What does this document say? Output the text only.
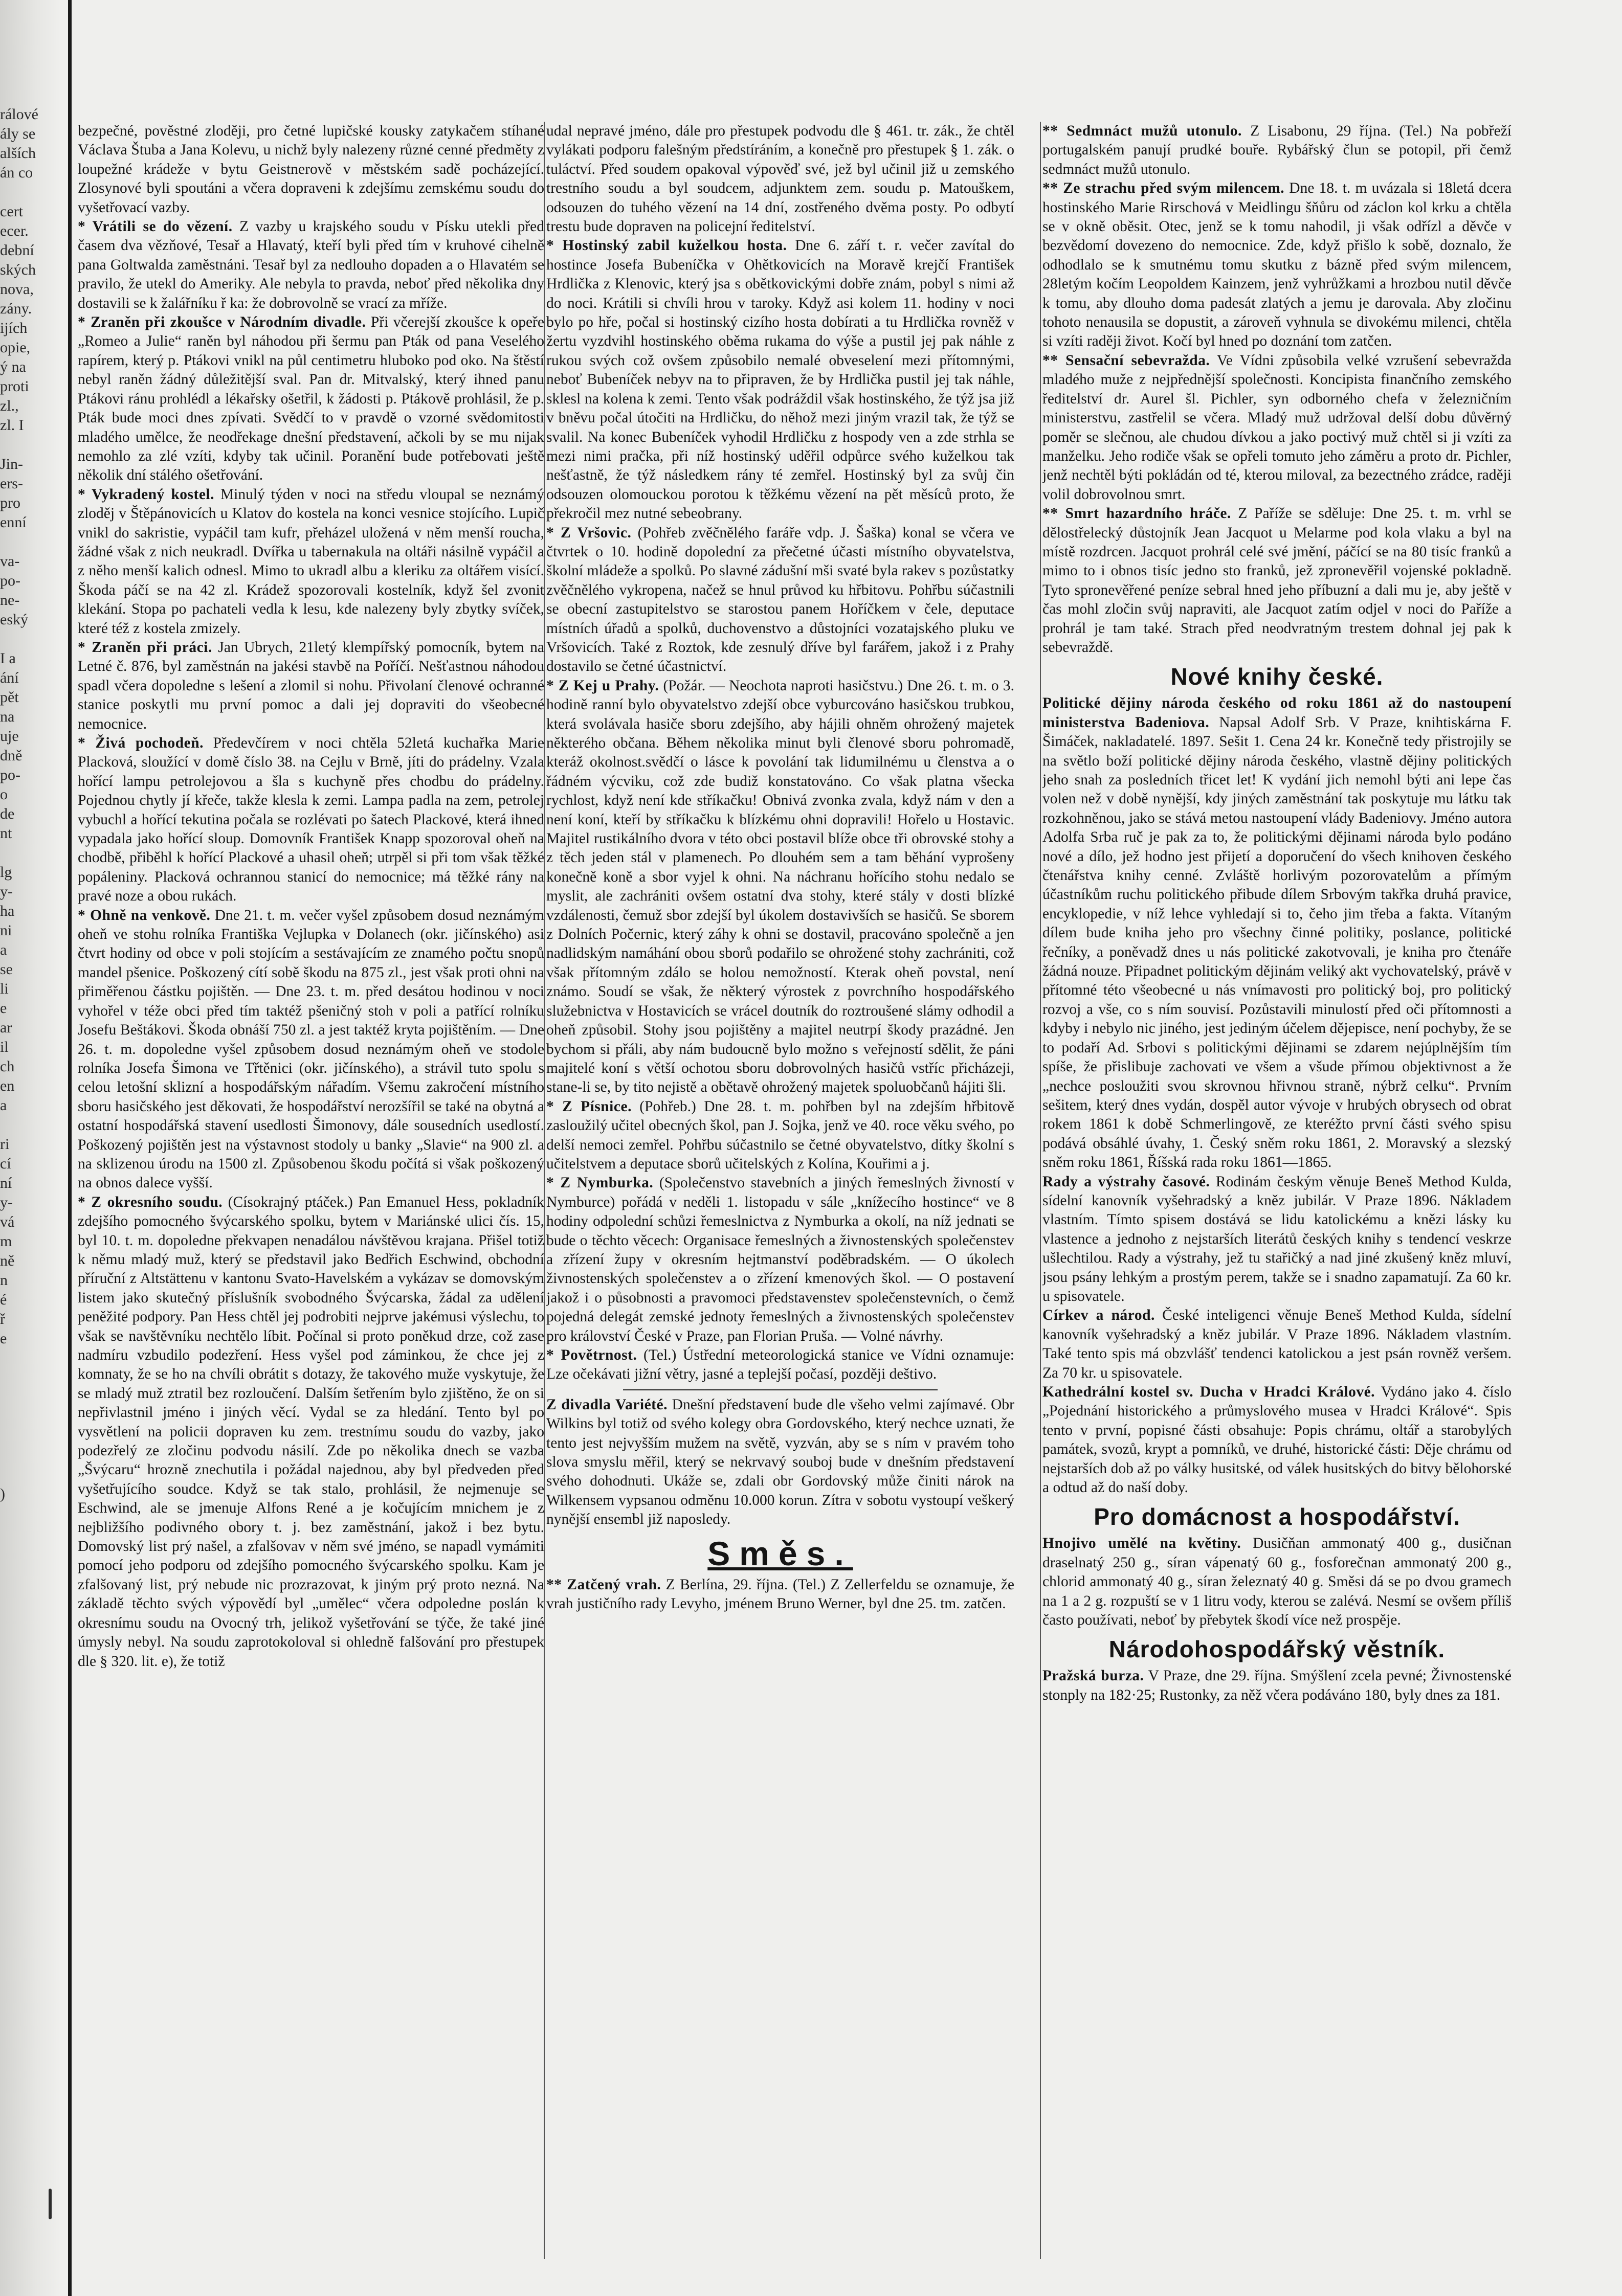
rálové
ály se
alších
án co
cert
ecer.
dební
ských
nova,
zány.
ijích
opie,
ý na
proti
zl.,
zl. I
Jin-
ers-
pro
enní
va-
po-
ne-
eský
I a
ání
pět
na
uje
dně
po-
o
de
nt
lg
y-
ha
ni
a
se
li
e
ar
il
ch
en
a
ri
cí
ní
y-
vá
m
ně
n
é
ř
e
)

bezpečné, pověstné zloději, pro četné lupičské kousky zatykačem stíhané Václava Štuba a Jana Kolevu, u nichž byly nalezeny různé cenné předměty z loupežné krádeže v bytu Geistnerově v městském sadě pocházející. Zlosynové byli spoutáni a včera dopraveni k zdejšímu zemskému soudu do vyšetřovací vazby.

* Vrátili se do vězení. Z vazby u krajského soudu v Písku utekli před časem dva vězňové, Tesař a Hlavatý, kteří byli před tím v kruhové cihelně pana Goltwalda zaměstnáni. Tesař byl za nedlouho dopaden a o Hlavatém se pravilo, že utekl do Ameriky. Ale nebyla to pravda, neboť před několika dny dostavili se k žalářníku ř ka: že dobrovolně se vrací za mříže.

* Zraněn při zkoušce v Národním divadle. Při včerejší zkoušce k opeře „Romeo a Julie“ raněn byl náhodou při šermu pan Pták od pana Veselého rapírem, který p. Ptákovi vnikl na půl centimetru hluboko pod oko. Na štěstí nebyl raněn žádný důležitější sval. Pan dr. Mitvalský, který ihned panu Ptákovi ránu prohlédl a lékařsky ošetřil, k žádosti p. Ptákově prohlásil, že p. Pták bude moci dnes zpívati. Svědčí to v pravdě o vzorné svědomitosti mladého umělce, že neodřekage dnešní představení, ačkoli by se mu nijak nemohlo za zlé vzíti, kdyby tak učinil. Poranění bude potřebovati ještě několik dní stálého ošetřování.

* Vykradený kostel. Minulý týden v noci na středu vloupal se neznámý zloděj v Štěpánovicích u Klatov do kostela na konci vesnice stojícího. Lupič vnikl do sakristie, vypáčil tam kufr, přeházel uložená v něm menší roucha, žádné však z nich neukradl. Dvířka u tabernakula na oltáři násilně vypáčil a z něho menší kalich odnesl. Mimo to ukradl albu a kleriku za oltářem visící. Škoda páčí se na 42 zl. Krádež spozorovali kostelník, když šel zvonit klekání. Stopa po pachateli vedla k lesu, kde nalezeny byly zbytky svíček, které též z kostela zmizely.

* Zraněn při práci. Jan Ubrych, 21letý klempířský pomocník, bytem na Letné č. 876, byl zaměstnán na jakési stavbě na Poříčí. Nešťastnou náhodou spadl včera dopoledne s lešení a zlomil si nohu. Přivolaní členové ochranné stanice poskytli mu první pomoc a dali jej dopraviti do všeobecné nemocnice.

* Živá pochodeň. Předevčírem v noci chtěla 52letá kuchařka Marie Placková, sloužící v domě číslo 38. na Cejlu v Brně, jíti do prádelny. Vzala hořící lampu petrolejovou a šla s kuchyně přes chodbu do prádelny. Pojednou chytly jí křeče, takže klesla k zemi. Lampa padla na zem, petrolej vybuchl a hořící tekutina počala se rozlévati po šatech Plackové, která ihned vypadala jako hořící sloup. Domovník František Knapp spozoroval oheň na chodbě, přiběhl k hořící Plackové a uhasil oheň; utrpěl si při tom však těžké popáleniny. Placková ochrannou stanicí do nemocnice; má těžké rány na pravé noze a obou rukách.

* Ohně na venkově. Dne 21. t. m. večer vyšel způsobem dosud neznámým oheň ve stohu rolníka Františka Vejlupka v Dolanech (okr. jičínského) asi čtvrt hodiny od obce v poli stojícím a sestávajícím ze znamého počtu snopů mandel pšenice. Poškozený cítí sobě škodu na 875 zl., jest však proti ohni na přiměřenou částku pojištěn. — Dne 23. t. m. před desátou hodinou v noci vyhořel v téže obci před tím taktéž pšeničný stoh v poli a patřící rolníku Josefu Beštákovi. Škoda obnáší 750 zl. a jest taktéž kryta pojištěním. — Dne 26. t. m. dopoledne vyšel způsobem dosud neznámým oheň ve stodole rolníka Josefa Šimona ve Třtěnici (okr. jičínského), a strávil tuto spolu s celou letošní sklizní a hospodářským nářadím. Všemu zakročení místního sboru hasičského jest děkovati, že hospodářství nerozšířil se také na obytná a ostatní hospodářská stavení usedlosti Šimonovy, dále sousedních usedlostí. Poškozený pojištěn jest na výstavnost stodoly u banky „Slavie“ na 900 zl. a na sklizenou úrodu na 1500 zl. Způsobenou škodu počítá si však poškozený na obnos dalece vyšší.

* Z okresního soudu. (Císokrajný ptáček.) Pan Emanuel Hess, pokladník zdejšího pomocného švýcarského spolku, bytem v Mariánské ulici čís. 15, byl 10. t. m. dopoledne překvapen nenadálou návštěvou krajana. Přišel totiž k němu mladý muž, který se představil jako Bedřich Eschwind, obchodní příruční z Altstättenu v kantonu Svato-Havelském a vykázav se domovským listem jako skutečný příslušník svobodného Švýcarska, žádal za udělení peněžité podpory. Pan Hess chtěl jej podrobiti nejprve jakémusi výslechu, to však se navštěvníku nechtělo líbit. Počínal si proto poněkud drze, což zase nadmíru vzbudilo podezření. Hess vyšel pod záminkou, že chce jej z komnaty, že se ho na chvíli obrátit s dotazy, že takového muže vyskytuje, že se mladý muž ztratil bez rozloučení. Dalším šetřením bylo zjištěno, že on si nepřivlastnil jméno i jiných věcí. Vydal se za hledání. Tento byl po vysvětlení na policii dopraven ku zem. trestnímu soudu do vazby, jako podezřelý ze zločinu podvodu násilí. Zde po několika dnech se vazba „Švýcaru“ hrozně znechutila i požádal najednou, aby byl předveden před vyšetřujícího soudce. Když se tak stalo, prohlásil, že nejmenuje se Eschwind, ale se jmenuje Alfons René a je kočujícím mnichem je z nejbližšího podivného obory t. j. bez zaměstnání, jakož i bez bytu. Domovský list prý našel, a zfalšovav v něm své jméno, se napadl vymámiti pomocí jeho podporu od zdejšího pomocného švýcarského spolku. Kam je zfalšovaný list, prý nebude nic prozrazovat, k jiným prý proto nezná. Na základě těchto svých výpovědí byl „umělec“ včera odpoledne poslán k okresnímu soudu na Ovocný trh, jelikož vyšetřování se týče, že také jiné úmysly nebyl. Na soudu zaprotokoloval si ohledně falšování pro přestupek dle § 320. lit. e), že totiž

udal nepravé jméno, dále pro přestupek podvodu dle § 461. tr. zák., že chtěl vylákati podporu falešným předstíráním, a konečně pro přestupek § 1. zák. o tuláctví. Před soudem opakoval výpověď své, jež byl učinil již u zemského trestního soudu a byl soudcem, adjunktem zem. soudu p. Matouškem, odsouzen do tuhého vězení na 14 dní, zostřeného dvěma posty. Po odbytí trestu bude dopraven na policejní ředitelství.

* Hostinský zabil kuželkou hosta. Dne 6. září t. r. večer zavítal do hostince Josefa Bubeníčka v Ohětkovicích na Moravě krejčí František Hrdlička z Klenovic, který jsa s obětkovickými dobře znám, pobyl s nimi až do noci. Krátili si chvíli hrou v taroky. Když asi kolem 11. hodiny v noci bylo po hře, počal si hostinský cizího hosta dobírati a tu Hrdlička rovněž v žertu vyzdvihl hostinského oběma rukama do výše a pustil jej pak náhle z rukou svých což ovšem způsobilo nemalé obveselení mezi přítomnými, neboť Bubeníček nebyv na to připraven, že by Hrdlička pustil jej tak náhle, sklesl na kolena k zemi. Tento však podráždil však hostinského, že týž jsa již v bněvu počal útočiti na Hrdličku, do něhož mezi jiným vrazil tak, že týž se svalil. Na konec Bubeníček vyhodil Hrdličku z hospody ven a zde strhla se mezi nimi pračka, při níž hostinský uděřil odpůrce svého kuželkou tak nešťastně, že týž následkem rány té zemřel. Hostinský byl za svůj čin odsouzen olomouckou porotou k těžkému vězení na pět měsíců proto, že překročil mez nutné sebeobrany.

* Z Vršovic. (Pohřeb zvěčnělého faráře vdp. J. Šaška) konal se včera ve čtvrtek o 10. hodině dopolední za přečetné účasti místního obyvatelstva, školní mládeže a spolků. Po slavné zádušní mši svaté byla rakev s pozůstatky zvěčnělého vykropena, načež se hnul průvod ku hřbitovu. Pohřbu súčastnili se obecní zastupitelstvo se starostou panem Hoříčkem v čele, deputace místních úřadů a spolků, duchovenstvo a důstojníci vozatajského pluku ve Vršovicích. Také z Roztok, kde zesnulý dříve byl farářem, jakož i z Prahy dostavilo se četné účastnictví.

* Z Kej u Prahy. (Požár. — Neochota naproti hasičstvu.) Dne 26. t. m. o 3. hodině ranní bylo obyvatelstvo zdejší obce vyburcováno hasičskou trubkou, která svolávala hasiče sboru zdejšího, aby hájili ohněm ohrožený majetek některého občana. Během několika minut byli členové sboru pohromadě, kteráž okolnost.svědčí o lásce k povolání tak lidumilnému u členstva a o řádném výcviku, což zde budiž konstatováno. Co však platna všecka rychlost, když není kde stříkačku! Obnivá zvonka zvala, když nám v den a není koní, kteří by stříkačku k blízkému ohni dopravili! Hořelo u Hostavic. Majitel rustikálního dvora v této obci postavil blíže obce tři obrovské stohy a z těch jeden stál v plamenech. Po dlouhém sem a tam běhání vyprošeny konečně koně a sbor vyjel k ohni. Na náchranu hořícího stohu nedalo se myslit, ale zachrániti ovšem ostatní dva stohy, které stály v dosti blízké vzdálenosti, čemuž sbor zdejší byl úkolem dostavivších se hasičů. Se sborem z Dolních Počernic, který záhy k ohni se dostavil, pracováno společně a jen nadlidským namáhání obou sborů podařilo se ohrožené stohy zachrániti, což však přítomným zdálo se holou nemožností. Kterak oheň povstal, není známo. Soudí se však, že některý výrostek z povrchního hospodářského služebnictva v Hostavicích se vrácel doutník do roztroušené slámy odhodil a oheň způsobil. Stohy jsou pojištěny a majitel neutrpí škody prazádné. Jen bychom si přáli, aby nám budoucně bylo možno s veřejností sdělit, že páni majitelé koní s větší ochotou sboru dobrovolných hasičů vstříc přicházeji, stane-li se, by tito nejistě a obětavě ohrožený majetek spoluobčanů hájiti šli.

* Z Písnice. (Pohřeb.) Dne 28. t. m. pohřben byl na zdejším hřbitově zasloužilý učitel obecných škol, pan J. Sojka, jenž ve 40. roce věku svého, po delší nemoci zemřel. Pohřbu súčastnilo se četné obyvatelstvo, dítky školní s učitelstvem a deputace sborů učitelských z Kolína, Kouřimi a j.

* Z Nymburka. (Společenstvo stavebních a jiných řemeslných živností v Nymburce) pořádá v neděli 1. listopadu v sále „knížecího hostince“ ve 8 hodiny odpolední schůzi řemeslnictva z Nymburka a okolí, na níž jednati se bude o těchto věcech: Organisace řemeslných a živnostenských společenstev a zřízení župy v okresním hejtmanství poděbradském. — O úkolech živnostenských společenstev a o zřízení kmenových škol. — O postavení jakož i o působnosti a pravomoci představenstev společenstevních, o čemž pojedná delegát zemské jednoty řemeslných a živnostenských společenstev pro království České v Praze, pan Florian Pruša. — Volné návrhy.

* Povětrnost. (Tel.) Ústřední meteorologická stanice ve Vídni oznamuje: Lze očekávati jižní větry, jasné a teplejší počasí, později deštivo.

Z divadla Variété. Dnešní představení bude dle všeho velmi zajímavé. Obr Wilkins byl totiž od svého kolegy obra Gordovského, který nechce uznati, že tento jest nejvyšším mužem na světě, vyzván, aby se s ním v pravém toho slova smyslu měřil, který se nekrvavý souboj bude v dnešním představení svého dohodnuti. Ukáže se, zdali obr Gordovský může činiti nárok na Wilkensem vypsanou odměnu 10.000 korun. Zítra v sobotu vystoupí veškerý nynější ensembl již naposledy.

Směs.

** Zatčený vrah. Z Berlína, 29. října. (Tel.) Z Zellerfeldu se oznamuje, že vrah justičního rady Levyho, jménem Bruno Werner, byl dne 25. tm. zatčen.

** Sedmnáct mužů utonulo. Z Lisabonu, 29 října. (Tel.) Na pobřeží portugalském panují prudké bouře. Rybářský člun se potopil, při čemž sedmnáct mužů utonulo.

** Ze strachu před svým milencem. Dne 18. t. m uvázala si 18letá dcera hostinského Marie Rirschová v Meidlingu šňůru od záclon kol krku a chtěla se v okně oběsit. Otec, jenž se k tomu nahodil, ji však odřízl a děvče v bezvědomí dovezeno do nemocnice. Zde, když přišlo k sobě, doznalo, že odhodlalo se k smutnému tomu skutku z bázně před svým milencem, 28letým kočím Leopoldem Kainzem, jenž vyhrůžkami a hrozbou nutil děvče k tomu, aby dlouho doma padesát zlatých a jemu je darovala. Aby zločinu tohoto nenausila se dopustit, a zároveň vyhnula se divokému milenci, chtěla si vzíti raději život. Kočí byl hned po doznání tom zatčen.

** Sensační sebevražda. Ve Vídni způsobila velké vzrušení sebevražda mladého muže z nejpřednější společnosti. Koncipista finančního zemského ředitelství dr. Aurel šl. Pichler, syn odborného chefa v železničním ministerstvu, zastřelil se včera. Mladý muž udržoval delší dobu důvěrný poměr se slečnou, ale chudou dívkou a jako poctivý muž chtěl si ji vzíti za manželku. Jeho rodiče však se opřeli tomuto jeho záměru a proto dr. Pichler, jenž nechtěl býti pokládán od té, kterou miloval, za bezectného zrádce, raději volil dobrovolnou smrt.

** Smrt hazardního hráče. Z Paříže se sděluje: Dne 25. t. m. vrhl se dělostřelecký důstojník Jean Jacquot u Melarme pod kola vlaku a byl na místě rozdrcen. Jacquot prohrál celé své jmění, páčící se na 80 tisíc franků a mimo to i obnos tisíc jedno sto franků, jež zpronevěřil vojenské pokladně. Tyto spronevěřené peníze sebral hned jeho příbuzní a dali mu je, aby ještě v čas mohl zločin svůj napraviti, ale Jacquot zatím odjel v noci do Paříže a prohrál je tam také. Strach před neodvratným trestem dohnal jej pak k sebevraždě.

Nové knihy české.

Politické dějiny národa českého od roku 1861 až do nastoupení ministerstva Badeniova. Napsal Adolf Srb. V Praze, knihtiskárna F. Šimáček, nakladatelé. 1897. Sešit 1. Cena 24 kr. Konečně tedy přistrojily se na světlo boží politické dějiny národa českého, vlastně dějiny politických jeho snah za posledních třicet let! K vydání jich nemohl býti ani lepe čas volen než v době nynější, kdy jiných zaměstnání tak poskytuje mu látku tak rozkohněnou, jako se stává metou nastoupení vlády Badeniovy. Jméno autora Adolfa Srba ruč je pak za to, že politickými dějinami národa bylo podáno nové a dílo, jež hodno jest přijetí a doporučení do všech knihoven českého čtenářstva knihy cenné. Zvláště horlivým pozorovatelům a přímým účastníkům ruchu politického přibude dílem Srbovým takřka druhá pravice, encyklopedie, v níž lehce vyhledají si to, čeho jim třeba a fakta. Vítaným dílem bude kniha jeho pro všechny činné politiky, poslance, politické řečníky, a poněvadž dnes u nás politické zakotvovali, je kniha pro čtenáře žádná nouze. Připadnet politickým dějinám veliký akt vychovatelský, právě v přítomné této všeobecné u nás vnímavosti pro politický boj, pro politický rozvoj a vše, co s ním souvisí. Pozůstavili minulostí před oči přítomnosti a kdyby i nebylo nic jiného, jest jediným účelem dějepisce, není pochyby, že se to podaří Ad. Srbovi s politickými dějinami se zdarem nejúplnějším tím spíše, že přislibuje zachovati ve všem a všude přímou objektivnost a že „nechce posloužiti svou skrovnou hřivnou straně, nýbrž celku“. Prvním sešitem, který dnes vydán, dospěl autor vývoje v hrubých obrysech od obrat rokem 1861 k době Schmerlingově, ze kteréžto první části svého spisu podává obsáhlé úvahy, 1. Český sněm roku 1861, 2. Moravský a slezský sněm roku 1861, Říšská rada roku 1861—1865.

Rady a výstrahy časové. Rodinám českým věnuje Beneš Method Kulda, sídelní kanovník vyšehradský a kněz jubilár. V Praze 1896. Nákladem vlastním. Tímto spisem dostává se lidu katolickému a knězi lásky ku vlastence a jednoho z nejstarších literátů českých knihy s tendencí veskrze ušlechtilou. Rady a výstrahy, jež tu stařičký a nad jiné zkušený kněz mluví, jsou psány lehkým a prostým perem, takže se i snadno zapamatují. Za 60 kr. u spisovatele.

Církev a národ. České inteligenci věnuje Beneš Method Kulda, sídelní kanovník vyšehradský a kněz jubilár. V Praze 1896. Nákladem vlastním. Také tento spis má obzvlášť tendenci katolickou a jest psán rovněž veršem. Za 70 kr. u spisovatele.

Kathedrální kostel sv. Ducha v Hradci Králové. Vydáno jako 4. číslo „Pojednání historického a průmyslového musea v Hradci Králové“. Spis tento v první, popisné části obsahuje: Popis chrámu, oltář a starobylých památek, svozů, krypt a pomníků, ve druhé, historické části: Děje chrámu od nejstarších dob až po války husitské, od válek husitských do bitvy bělohorské a odtud až do naší doby.

Pro domácnost a hospodářství.

Hnojivo umělé na květiny. Dusičňan ammonatý 400 g., dusičnan draselnatý 250 g., síran vápenatý 60 g., fosforečnan ammonatý 200 g., chlorid ammonatý 40 g., síran železnatý 40 g. Směsi dá se po dvou gramech na 1 a 2 g. rozpuští se v 1 litru vody, kterou se zalévá. Nesmí se ovšem příliš často používati, neboť by přebytek škodí více než prospěje.

Národohospodářský věstník.

Pražská burza. V Praze, dne 29. října. Smýšlení zcela pevné; Živnostenské stonply na 182·25; Rustonky, za něž včera podáváno 180, byly dnes za 181.
